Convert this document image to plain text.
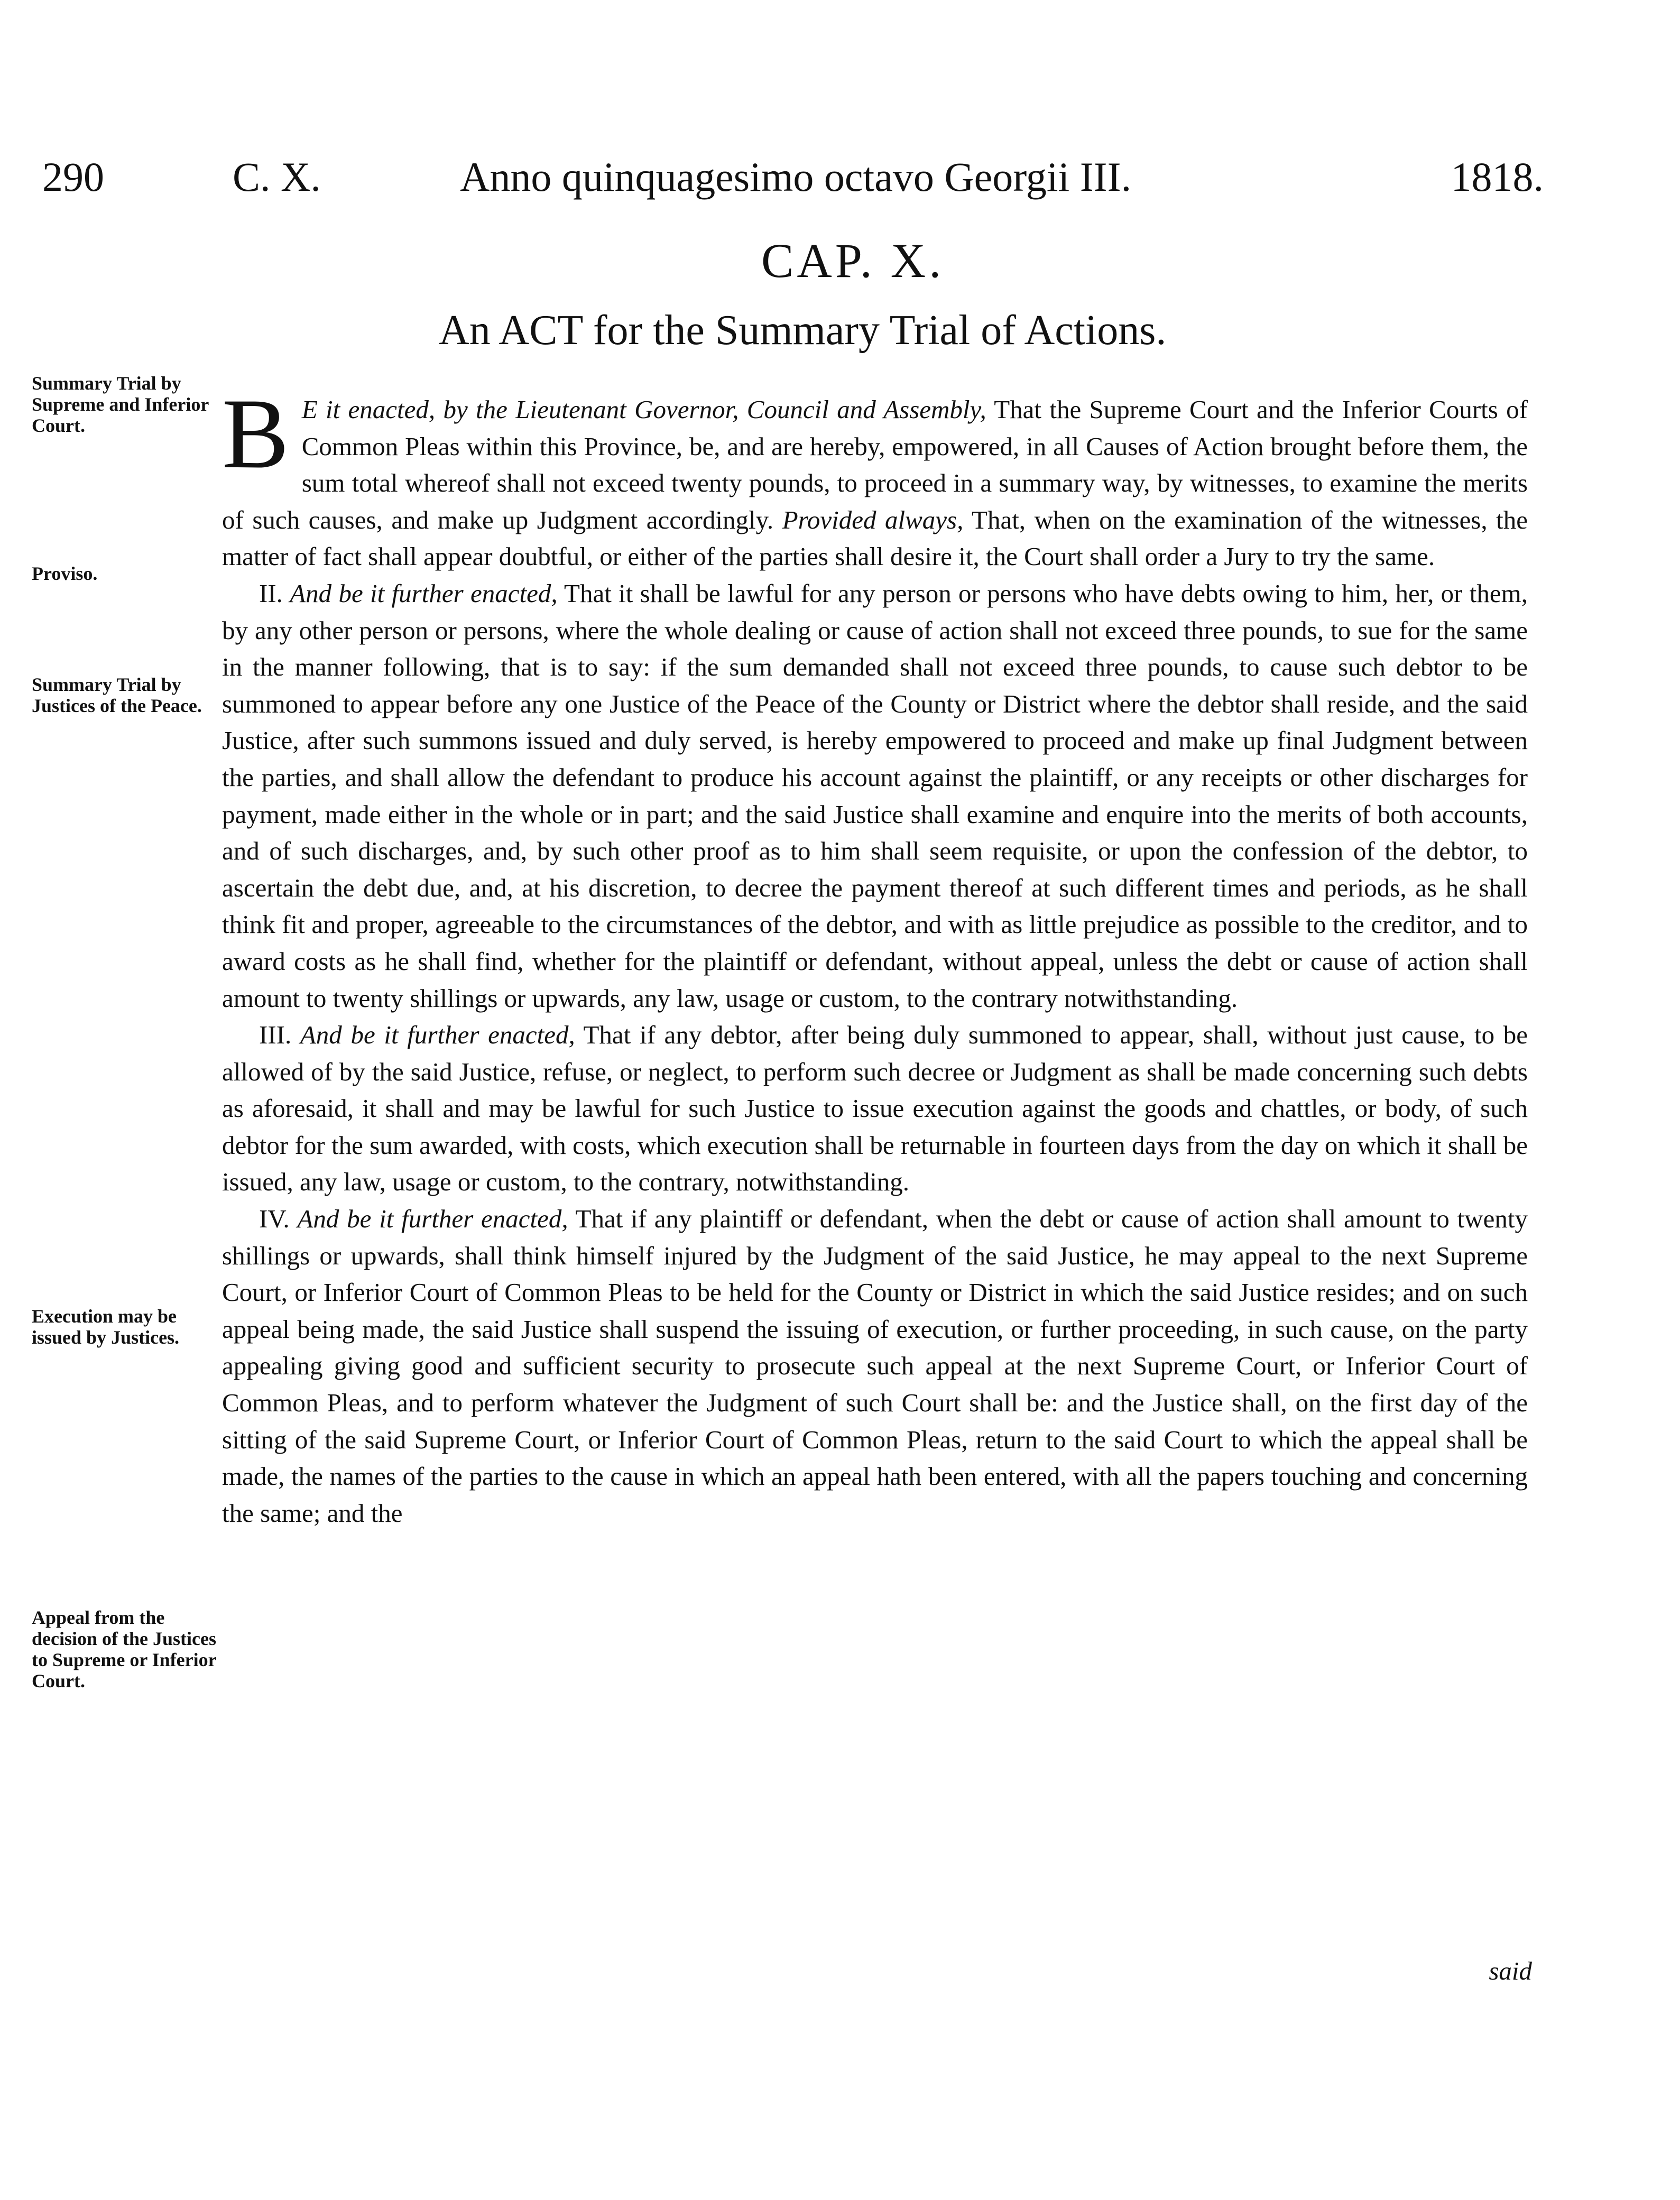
290	C. X.	Anno quinquagesimo octavo Georgii III.	1818.
CAP. X.
An ACT for the Summary Trial of Actions.
Summary Trial by Supreme and Inferior Court.
Proviso.
Summary Trial by Justices of the Peace.
Execution may be issued by Justices.
Appeal from the decision of the Justices to Supreme or Inferior Court.

B E it enacted, by the Lieutenant Governor, Council and Assembly, That the Supreme Court and the Inferior Courts of Common Pleas within this Province, be, and are hereby, empowered, in all Causes of Action brought before them, the sum total whereof shall not exceed twenty pounds, to proceed in a summary way, by witnesses, to examine the merits of such causes, and make up Judgment accordingly. Provided always, That, when on the examination of the witnesses, the matter of fact shall appear doubtful, or either of the parties shall desire it, the Court shall order a Jury to try the same.

II. And be it further enacted, That it shall be lawful for any person or persons who have debts owing to him, her, or them, by any other person or persons, where the whole dealing or cause of action shall not exceed three pounds, to sue for the same in the manner following, that is to say: if the sum demanded shall not exceed three pounds, to cause such debtor to be summoned to appear before any one Justice of the Peace of the County or District where the debtor shall reside, and the said Justice, after such summons issued and duly served, is hereby empowered to proceed and make up final Judgment between the parties, and shall allow the defendant to produce his account against the plaintiff, or any receipts or other discharges for payment, made either in the whole or in part; and the said Justice shall examine and enquire into the merits of both accounts, and of such discharges, and, by such other proof as to him shall seem requisite, or upon the confession of the debtor, to ascertain the debt due, and, at his discretion, to decree the payment thereof at such different times and periods, as he shall think fit and proper, agreeable to the circumstances of the debtor, and with as little prejudice as possible to the creditor, and to award costs as he shall find, whether for the plaintiff or defendant, without appeal, unless the debt or cause of action shall amount to twenty shillings or upwards, any law, usage or custom, to the contrary notwithstanding.

III. And be it further enacted, That if any debtor, after being duly summoned to appear, shall, without just cause, to be allowed of by the said Justice, refuse, or neglect, to perform such decree or Judgment as shall be made concerning such debts as aforesaid, it shall and may be lawful for such Justice to issue execution against the goods and chattles, or body, of such debtor for the sum awarded, with costs, which execution shall be returnable in fourteen days from the day on which it shall be issued, any law, usage or custom, to the contrary, notwithstanding.

IV. And be it further enacted, That if any plaintiff or defendant, when the debt or cause of action shall amount to twenty shillings or upwards, shall think himself injured by the Judgment of the said Justice, he may appeal to the next Supreme Court, or Inferior Court of Common Pleas to be held for the County or District in which the said Justice resides; and on such appeal being made, the said Justice shall suspend the issuing of execution, or further proceeding, in such cause, on the party appealing giving good and sufficient security to prosecute such appeal at the next Supreme Court, or Inferior Court of Common Pleas, and to perform whatever the Judgment of such Court shall be: and the Justice shall, on the first day of the sitting of the said Supreme Court, or Inferior Court of Common Pleas, return to the said Court to which the appeal shall be made, the names of the parties to the cause in which an appeal hath been entered, with all the papers touching and concerning the same; and the

said
